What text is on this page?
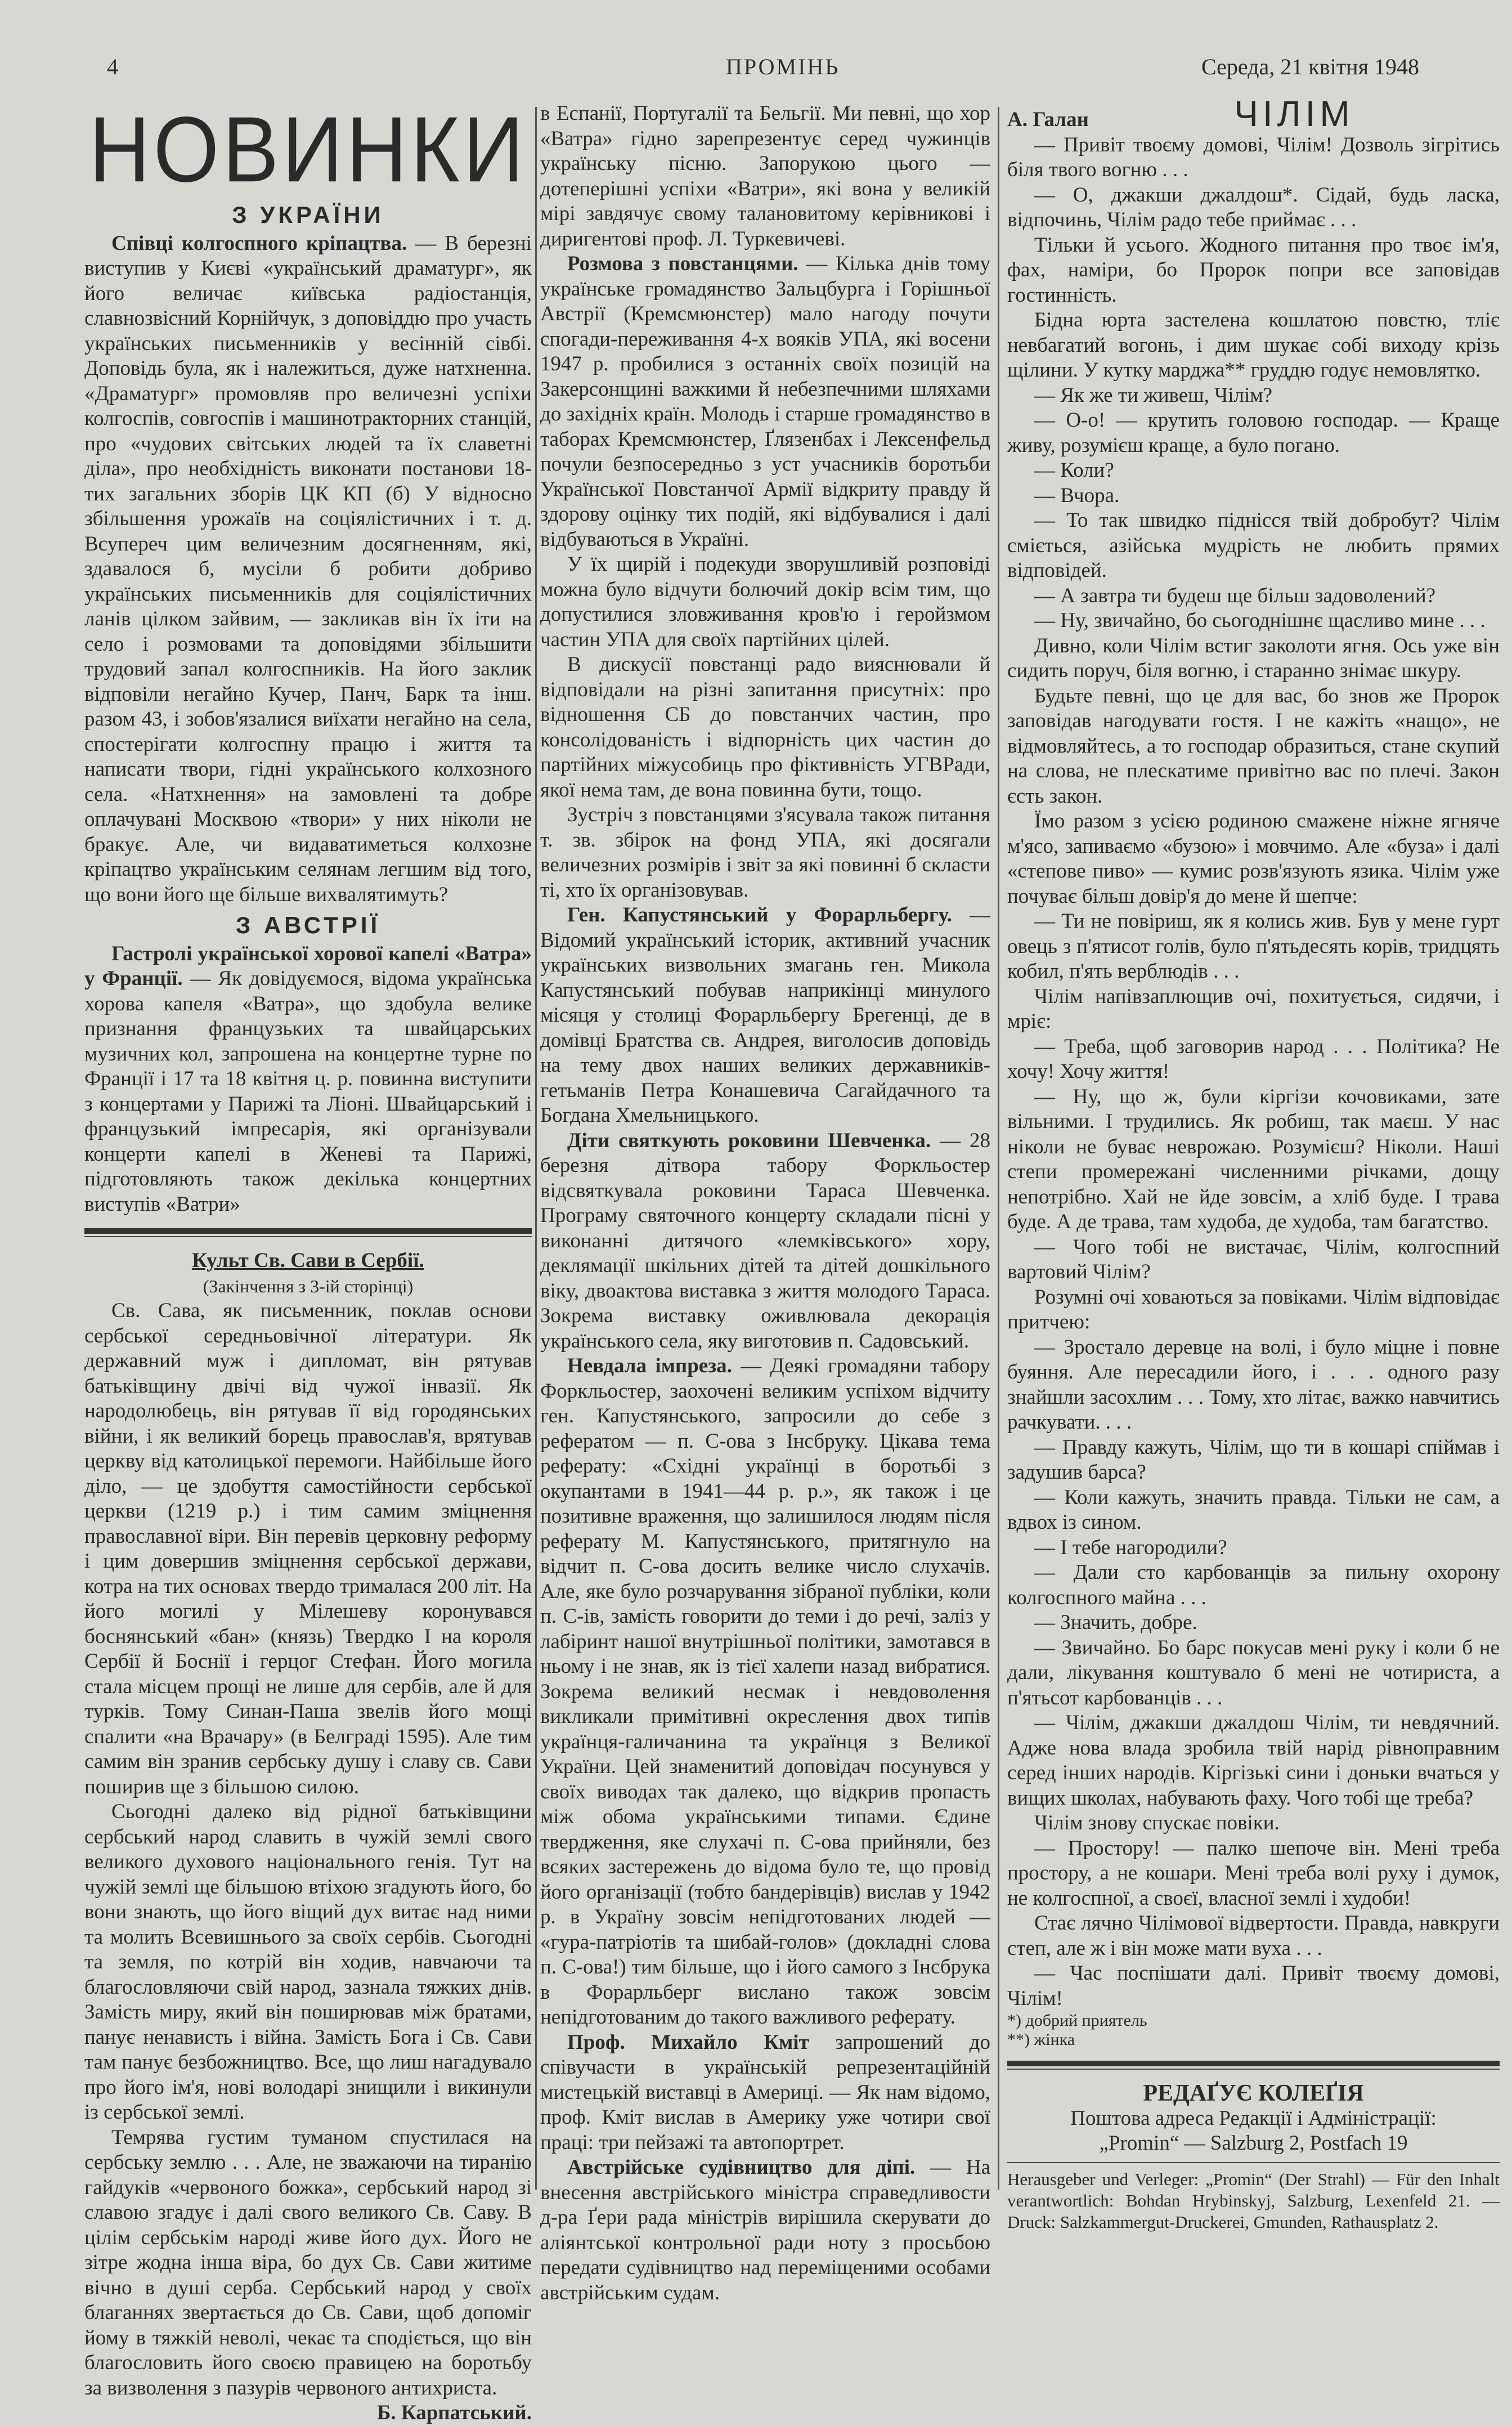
4	ПРОМІНЬ	Середа, 21 квітня 1948
НОВИНКИ
З УКРАЇНИ

Співці колгоспного кріпацтва. — В березні виступив у Києві «український драматург», як його величає київська радіостанція, славнозвісний Корнійчук, з доповіддю про участь українських письменників у весінній сівбі. Доповідь була, як і належиться, дуже натхненна. «Драматург» промовляв про величезні успіхи колгоспів, совгоспів і машинотракторних станцій, про «чудових світських людей та їх славетні діла», про необхідність виконати постанови 18-тих загальних зборів ЦК КП (б) У відносно збільшення урожаїв на соціялістичних і т. д. Всупереч цим величезним досягненням, які, здавалося б, мусіли б робити добриво українських письменників для соціялістичних ланів цілком зайвим, — закликав він їх іти на село і розмовами та доповідями збільшити трудовий запал колгоспників. На його заклик відповіли негайно Кучер, Панч, Барк та інш. разом 43, і зобов'язалися виїхати негайно на села, спостерігати колгоспну працю і життя та написати твори, гідні українського колхозного села. «Натхнення» на замовлені та добре оплачувані Москвою «твори» у них ніколи не бракує. Але, чи видаватиметься колхозне кріпацтво українським селянам легшим від того, що вони його ще більше вихвалятимуть?

З АВСТРІЇ

Гастролі української хорової капелі «Ватра» у Франції. — Як довідуємося, відома українська хорова капеля «Ватра», що здобула велике признання французьких та швайцарських музичних кол, запрошена на концертне турне по Франції і 17 та 18 квітня ц. р. повинна виступити з концертами у Парижі та Ліоні. Швайцарський і французький імпресарія, які організували концерти капелі в Женеві та Парижі, підготовляють також декілька концертних виступів «Ватри»

Культ Св. Сави в Сербії.

(Закінчення з 3-ій сторінці)

Св. Сава, як письменник, поклав основи сербської середньовічної літератури. Як державний муж і дипломат, він рятував батьківщину двічі від чужої інвазії. Як народолюбець, він рятував її від городянських війни, і як великий борець православ'я, врятував церкву від католицької перемоги. Найбільше його діло, — це здобуття самостійности сербської церкви (1219 р.) і тим самим зміцнення православної віри. Він перевів церковну реформу і цим довершив зміцнення сербської держави, котра на тих основах твердо трималася 200 літ. На його могилі у Мілешеву коронувався боснянський «бан» (князь) Твердко I на короля Сербії й Боснії і герцог Стефан. Його могила стала місцем прощі не лише для сербів, але й для турків. Тому Синан-Паша звелів його мощі спалити «на Врачару» (в Белграді 1595). Але тим самим він зранив сербську душу і славу св. Сави поширив ще з більшою силою.

Сьогодні далеко від рідної батьківщини сербський народ славить в чужій землі свого великого духового національного генія. Тут на чужій землі ще більшою втіхою згадують його, бо вони знають, що його віщий дух витає над ними та молить Всевишнього за своїх сербів. Сьогодні та земля, по котрій він ходив, навчаючи та благословляючи свій народ, зазнала тяжких днів. Замість миру, який він поширював між братами, панує ненависть і війна. Замість Бога і Св. Сави там панує безбожництво. Все, що лиш нагадувало про його ім'я, нові володарі знищили і викинули із сербської землі.

Темрява густим туманом спустилася на сербську землю . . . Але, не зважаючи на тиранію гайдуків «червоного божка», сербський народ зі славою згадує і далі свого великого Св. Саву. В цілім сербськім народі живе його дух. Його не зітре жодна інша віра, бо дух Св. Сави житиме вічно в душі серба. Сербський народ у своїх благаннях звертається до Св. Сави, щоб допоміг йому в тяжкій неволі, чекає та сподіється, що він благословить його своєю правицею на боротьбу за визволення з пазурів червоного антихриста.

Б. Карпатський.

в Еспанії, Португалії та Бельгії. Ми певні, що хор «Ватра» гідно зарепрезентує серед чужинців українську пісню. Запорукою цього — дотеперішні успіхи «Ватри», які вона у великій мірі завдячує свому талановитому керівникові і диригентові проф. Л. Туркевичеві.

Розмова з повстанцями. — Кілька днів тому українське громадянство Зальцбурга і Горішньої Австрії (Кремсмюнстер) мало нагоду почути спогади-переживання 4-х вояків УПА, які восени 1947 р. пробилися з останніх своїх позицій на Закерсонщині важкими й небезпечними шляхами до західніх країн. Молодь і старше громадянство в таборах Кремсмюнстер, Ґлязенбах і Лексенфельд почули безпосередньо з уст учасників боротьби Української Повстанчої Армії відкриту правду й здорову оцінку тих подій, які відбувалися і далі відбуваються в Україні.

У їх щирій і подекуди зворушливій розповіді можна було відчути болючий докір всім тим, що допустилися зловживання кров'ю і геройзмом частин УПА для своїх партійних цілей.

В дискусії повстанці радо вияснювали й відповідали на різні запитання присутніх: про відношення СБ до повстанчих частин, про консолідованість і відпорність цих частин до партійних міжусобиць про фіктивність УГВРади, якої нема там, де вона повинна бути, тощо.

Зустріч з повстанцями з'ясувала також питання т. зв. збірок на фонд УПА, які досягали величезних розмірів і звіт за які повинні б скласти ті, хто їх організовував.

Ген. Капустянський у Форарльбергу. — Відомий український історик, активний учасник українських визвольних змагань ген. Микола Капустянський побував наприкінці минулого місяця у столиці Форарльбергу Брегенці, де в домівці Братства св. Андрея, виголосив доповідь на тему двох наших великих державників-гетьманів Петра Конашевича Сагайдачного та Богдана Хмельницького.

Діти святкують роковини Шевченка. — 28 березня дітвора табору Форкльостер відсвяткувала роковини Тараса Шевченка. Програму святочного концерту складали пісні у виконанні дитячого «лемківського» хору, деклямації шкільних дітей та дітей дошкільного віку, двоактова виставка з життя молодого Тараса. Зокрема виставку оживлювала декорація українського села, яку виготовив п. Садовський.

Невдала імпреза. — Деякі громадяни табору Форкльостер, заохочені великим успіхом відчиту ген. Капустянського, запросили до себе з рефератом — п. С-ова з Інсбруку. Цікава тема реферату: «Східні українці в боротьбі з окупантами в 1941—44 р. р.», як також і це позитивне враження, що залишилося людям після реферату М. Капустянського, притягнуло на відчит п. С-ова досить велике число слухачів. Але, яке було розчарування зібраної публіки, коли п. С-ів, замість говорити до теми і до речі, заліз у лабіринт нашої внутрішньої політики, замотався в ньому і не знав, як із тієї халепи назад вибратися. Зокрема великий несмак і невдоволення викликали примітивні окреслення двох типів українця-галичанина та українця з Великої України. Цей знаменитий доповідач посунувся у своїх виводах так далеко, що відкрив пропасть між обома українськими типами. Єдине твердження, яке слухачі п. С-ова прийняли, без всяких застережень до відома було те, що провід його організації (тобто бандерівців) вислав у 1942 р. в Україну зовсім непідготованих людей — «гура-патріотів та шибай-голов» (докладні слова п. С-ова!) тим більше, що і його самого з Інсбрука в Форарльберг вислано також зовсім непідготованим до такого важливого реферату.

Проф. Михайло Кміт запрошений до співучасти в українській репрезентаційній мистецькій виставці в Америці. — Як нам відомо, проф. Кміт вислав в Америку уже чотири свої праці: три пейзажі та автопортрет.

Австрійське судівництво для діпі. — На внесення австрійського міністра справедливости д-ра Ґери рада міністрів вирішила скерувати до аліянтської контрольної ради ноту з просьбою передати судівництво над переміщеними особами австрійським судам.

А. Галан	ЧІЛІМ

— Привіт твоєму домові, Чілім! Дозволь зігрітись біля твого вогню . . .

— О, джакши джалдош*. Сідай, будь ласка, відпочинь, Чілім радо тебе приймає . . .

Тільки й усього. Жодного питання про твоє ім'я, фах, наміри, бо Пророк попри все заповідав гостинність.

Бідна юрта застелена кошлатою повстю, тліє невбагатий вогонь, і дим шукає собі виходу крізь щілини. У кутку марджа** груддю годує немовлятко.

— Як же ти живеш, Чілім?

— О-о! — крутить головою господар. — Краще живу, розумієш краще, а було погано.

— Коли?

— Вчора.

— То так швидко піднісся твій добробут? Чілім сміється, азійська мудрість не любить прямих відповідей.

— А завтра ти будеш ще більш задоволений?

— Ну, звичайно, бо сьогоднішнє щасливо мине . . .

Дивно, коли Чілім встиг заколоти ягня. Ось уже він сидить поруч, біля вогню, і старанно знімає шкуру.

Будьте певні, що це для вас, бо знов же Пророк заповідав нагодувати гостя. І не кажіть «нащо», не відмовляйтесь, а то господар образиться, стане скупий на слова, не плескатиме привітно вас по плечі. Закон єсть закон.

Їмо разом з усією родиною смажене ніжне ягняче м'ясо, запиваємо «бузою» і мовчимо. Але «буза» і далі «степове пиво» — кумис розв'язують язика. Чілім уже почуває більш довір'я до мене й шепче:

— Ти не повіриш, як я колись жив. Був у мене гурт овець з п'ятисот голів, було п'ятьдесять корів, тридцять кобил, п'ять верблюдів . . .

Чілім напівзаплющив очі, похитується, сидячи, і мріє:

— Треба, щоб заговорив народ . . . Політика? Не хочу! Хочу життя!

— Ну, що ж, були кіргізи кочовиками, зате вільними. І трудились. Як робиш, так маєш. У нас ніколи не буває неврожаю. Розумієш? Ніколи. Наші степи промережані численними річками, дощу непотрібно. Хай не йде зовсім, а хліб буде. І трава буде. А де трава, там худоба, де худоба, там багатство.

— Чого тобі не вистачає, Чілім, колгоспний вартовий Чілім?

Розумні очі ховаються за повіками. Чілім відповідає притчею:

— Зростало деревце на волі, і було міцне і повне буяння. Але пересадили його, і . . . одного разу знайшли засохлим . . . Тому, хто літає, важко навчитись рачкувати. . . .

— Правду кажуть, Чілім, що ти в кошарі спіймав і задушив барса?

— Коли кажуть, значить правда. Тільки не сам, а вдвох із сином.

— І тебе нагородили?

— Дали сто карбованців за пильну охорону колгоспного майна . . .

— Значить, добре.

— Звичайно. Бо барс покусав мені руку і коли б не дали, лікування коштувало б мені не чотириста, а п'ятьсот карбованців . . .

— Чілім, джакши джалдош Чілім, ти невдячний. Адже нова влада зробила твій нарід рівноправним серед інших народів. Кіргізькі сини і доньки вчаться у вищих школах, набувають фаху. Чого тобі ще треба?

Чілім знову спускає повіки.

— Простору! — палко шепоче він. Мені треба простору, а не кошари. Мені треба волі руху і думок, не колгоспної, а своєї, власної землі і худоби!

Стає лячно Чілімової відвертости. Правда, навкруги степ, але ж і він може мати вуха . . .

— Час поспішати далі. Привіт твоєму домові, Чілім!

*) добрий приятель
**) жінка
РЕДАҐУЄ КОЛЕҐІЯ
Поштова адреса Редакції і Адміністрації:
„Promin“ — Salzburg 2, Postfach 19
Herausgeber und Verleger: „Promin“ (Der Strahl) — Für den Inhalt verantwortlich: Bohdan Hrybinskyj, Salzburg, Lexenfeld 21. — Druck: Salzkammergut-Druckerei, Gmunden, Rathausplatz 2.
